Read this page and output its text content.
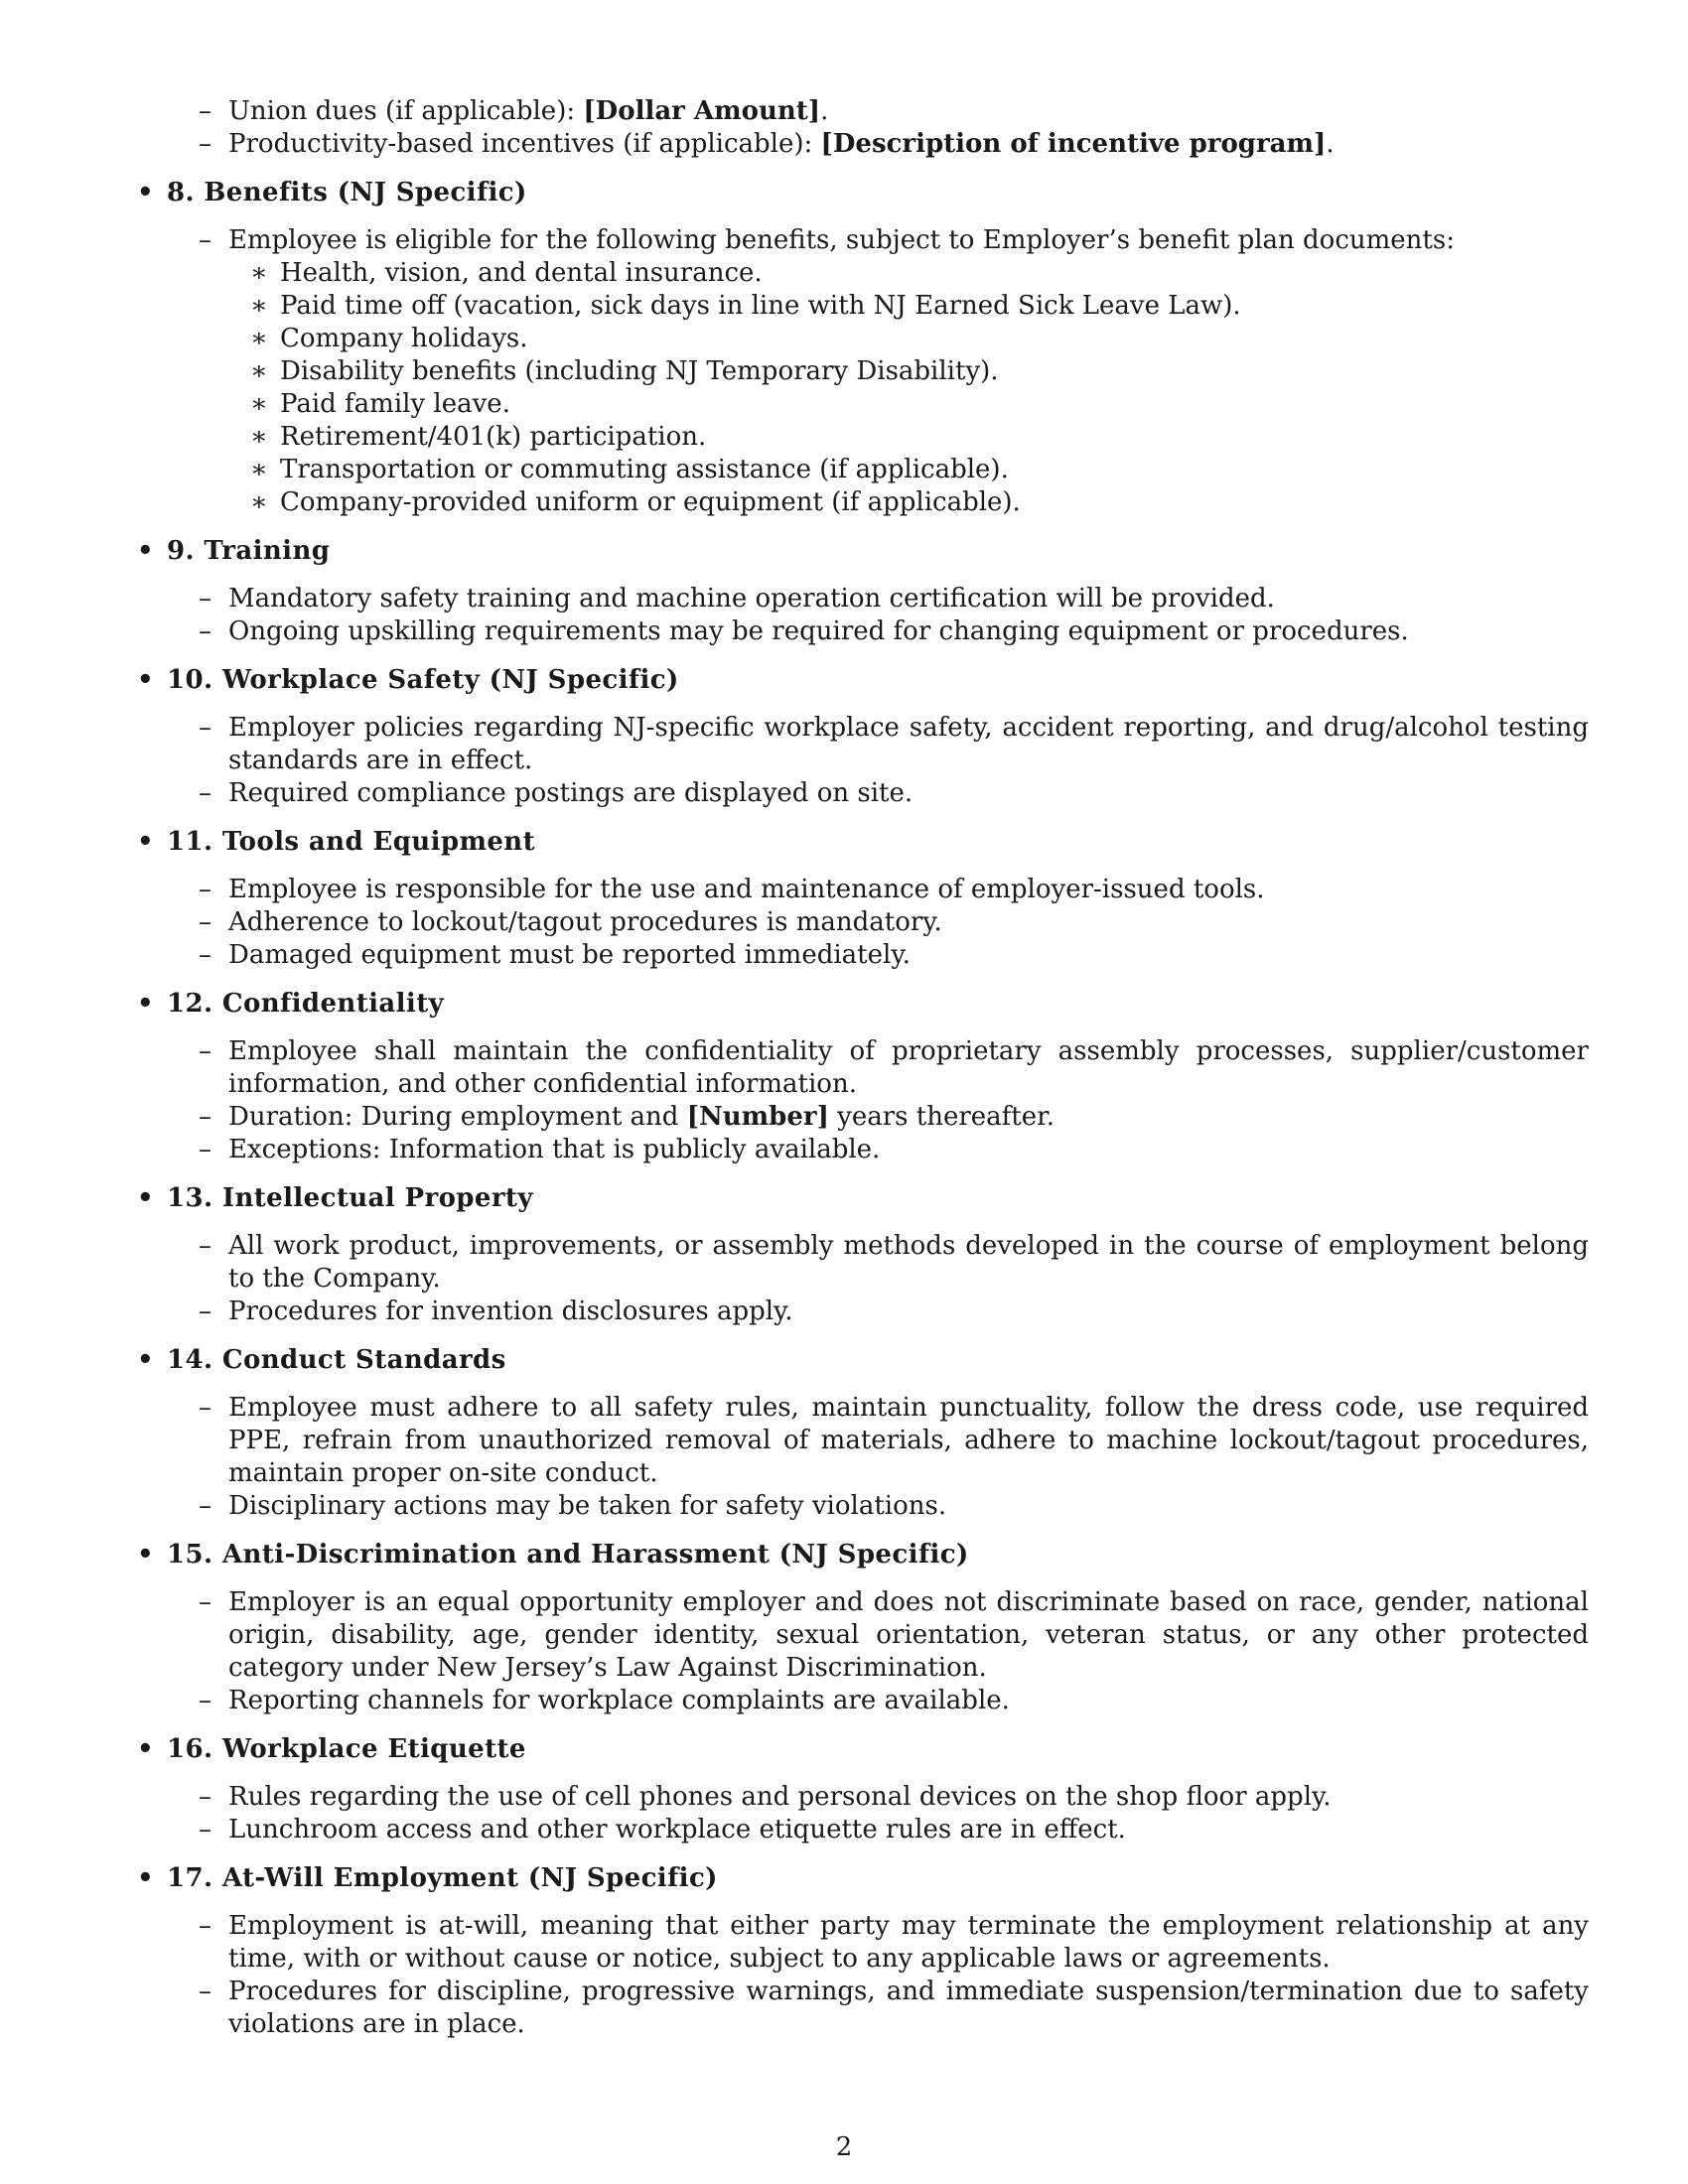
– Union dues (if applicable): [Dollar Amount].
– Productivity-based incentives (if applicable): [Description of incentive program].
• 8. Benefits (NJ Specific)
– Employee is eligible for the following benefits, subject to Employer’s benefit plan documents:
∗ Health, vision, and dental insurance.
∗ Paid time off (vacation, sick days in line with NJ Earned Sick Leave Law).
∗ Company holidays.
∗ Disability benefits (including NJ Temporary Disability).
∗ Paid family leave.
∗ Retirement/401(k) participation.
∗ Transportation or commuting assistance (if applicable).
∗ Company-provided uniform or equipment (if applicable).
• 9. Training
– Mandatory safety training and machine operation certification will be provided.
– Ongoing upskilling requirements may be required for changing equipment or procedures.
• 10. Workplace Safety (NJ Specific)
– Employer policies regarding NJ-specific workplace safety, accident reporting, and drug/alcohol testing standards are in effect.
– Required compliance postings are displayed on site.
• 11. Tools and Equipment
– Employee is responsible for the use and maintenance of employer-issued tools.
– Adherence to lockout/tagout procedures is mandatory.
– Damaged equipment must be reported immediately.
• 12. Confidentiality
– Employee shall maintain the confidentiality of proprietary assembly processes, supplier/customer information, and other confidential information.
– Duration: During employment and [Number] years thereafter.
– Exceptions: Information that is publicly available.
• 13. Intellectual Property
– All work product, improvements, or assembly methods developed in the course of employment belong to the Company.
– Procedures for invention disclosures apply.
• 14. Conduct Standards
– Employee must adhere to all safety rules, maintain punctuality, follow the dress code, use required PPE, refrain from unauthorized removal of materials, adhere to machine lockout/tagout procedures, maintain proper on-site conduct.
– Disciplinary actions may be taken for safety violations.
• 15. Anti-Discrimination and Harassment (NJ Specific)
– Employer is an equal opportunity employer and does not discriminate based on race, gender, national origin, disability, age, gender identity, sexual orientation, veteran status, or any other protected category under New Jersey’s Law Against Discrimination.
– Reporting channels for workplace complaints are available.
• 16. Workplace Etiquette
– Rules regarding the use of cell phones and personal devices on the shop floor apply.
– Lunchroom access and other workplace etiquette rules are in effect.
• 17. At-Will Employment (NJ Specific)
– Employment is at-will, meaning that either party may terminate the employment relationship at any time, with or without cause or notice, subject to any applicable laws or agreements.
– Procedures for discipline, progressive warnings, and immediate suspension/termination due to safety violations are in place.
2
